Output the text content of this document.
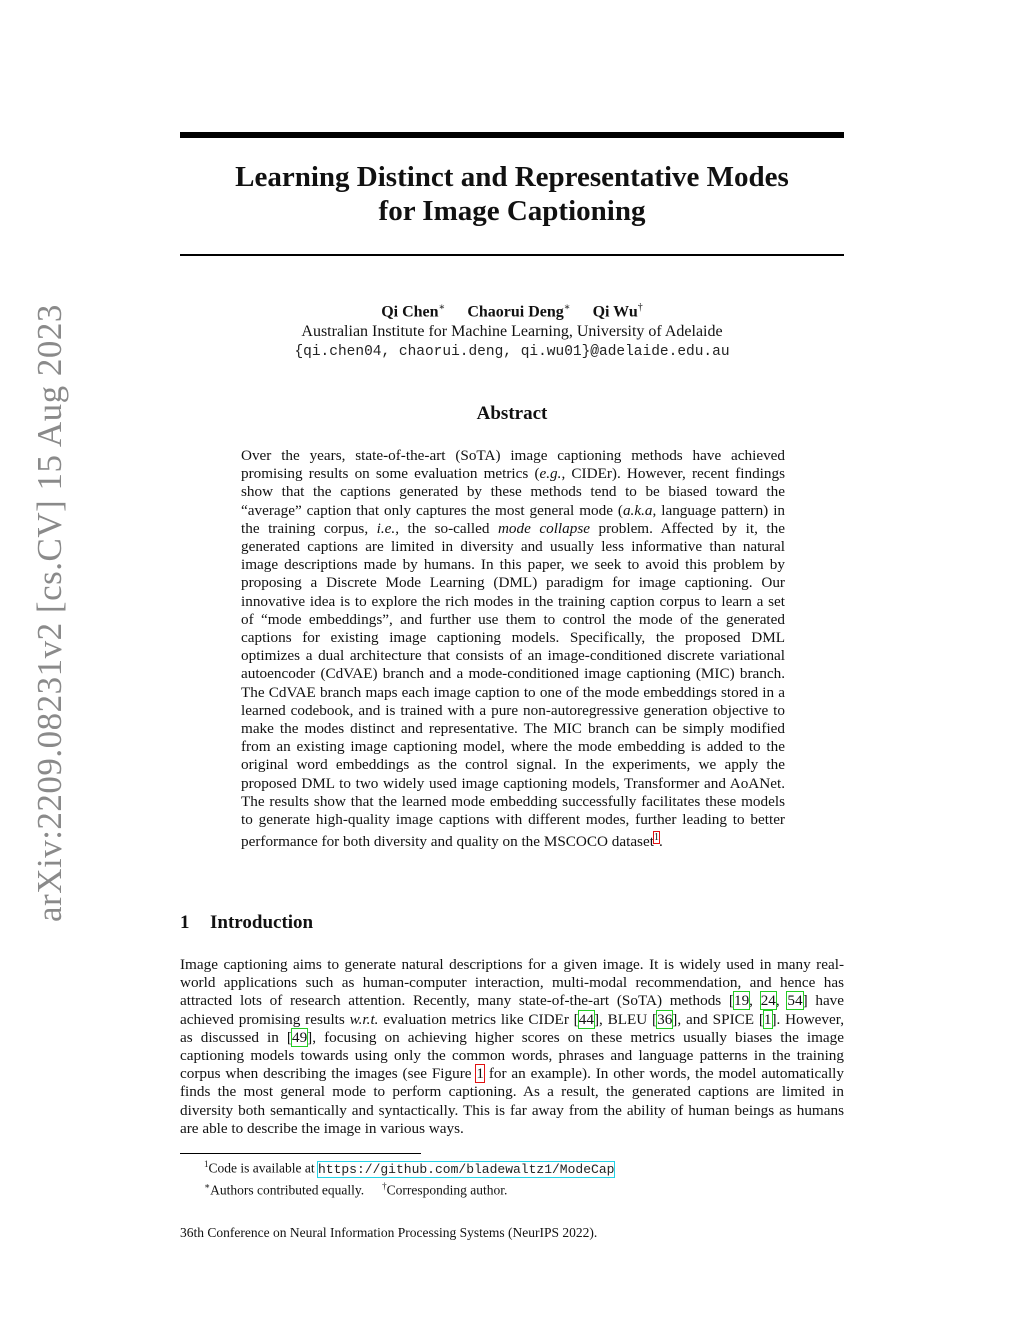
arXiv:2209.08231v2 [cs.CV] 15 Aug 2023
Learning Distinct and Representative Modes
for Image Captioning
Qi Chen∗ Chaorui Deng∗ Qi Wu†
Australian Institute for Machine Learning, University of Adelaide
{qi.chen04, chaorui.deng, qi.wu01}@adelaide.edu.au
Abstract
Over the years, state-of-the-art (SoTA) image captioning methods have achieved promising results on some evaluation metrics (e.g., CIDEr). However, recent findings show that the captions generated by these methods tend to be biased toward the “average” caption that only captures the most general mode (a.k.a, language pattern) in the training corpus, i.e., the so-called mode collapse problem. Affected by it, the generated captions are limited in diversity and usually less informative than natural image descriptions made by humans. In this paper, we seek to avoid this problem by proposing a Discrete Mode Learning (DML) paradigm for image captioning. Our innovative idea is to explore the rich modes in the training caption corpus to learn a set of “mode embeddings”, and further use them to control the mode of the generated captions for existing image captioning models. Specifically, the proposed DML optimizes a dual architecture that consists of an image-conditioned discrete variational autoencoder (CdVAE) branch and a mode-conditioned image captioning (MIC) branch. The CdVAE branch maps each image caption to one of the mode embeddings stored in a learned codebook, and is trained with a pure non-autoregressive generation objective to make the modes distinct and representative. The MIC branch can be simply modified from an existing image captioning model, where the mode embedding is added to the original word embeddings as the control signal. In the experiments, we apply the proposed DML to two widely used image captioning models, Transformer and AoANet. The results show that the learned mode embedding successfully facilitates these models to generate high-quality image captions with different modes, further leading to better performance for both diversity and quality on the MSCOCO dataset$^1$.
1 Introduction
Image captioning aims to generate natural descriptions for a given image. It is widely used in many real-world applications such as human-computer interaction, multi-modal recommendation, and hence has attracted lots of research attention. Recently, many state-of-the-art (SoTA) methods [19, 24, 54] have achieved promising results w.r.t. evaluation metrics like CIDEr [44], BLEU [36], and SPICE [1]. However, as discussed in [49], focusing on achieving higher scores on these metrics usually biases the image captioning models towards using only the common words, phrases and language patterns in the training corpus when describing the images (see Figure 1 for an example). In other words, the model automatically finds the most general mode to perform captioning. As a result, the generated captions are limited in diversity both semantically and syntactically. This is far away from the ability of human beings as humans are able to describe the image in various ways.
$^1$Code is available at https://github.com/bladewaltz1/ModeCap
∗Authors contributed equally. †Corresponding author.
36th Conference on Neural Information Processing Systems (NeurIPS 2022).
